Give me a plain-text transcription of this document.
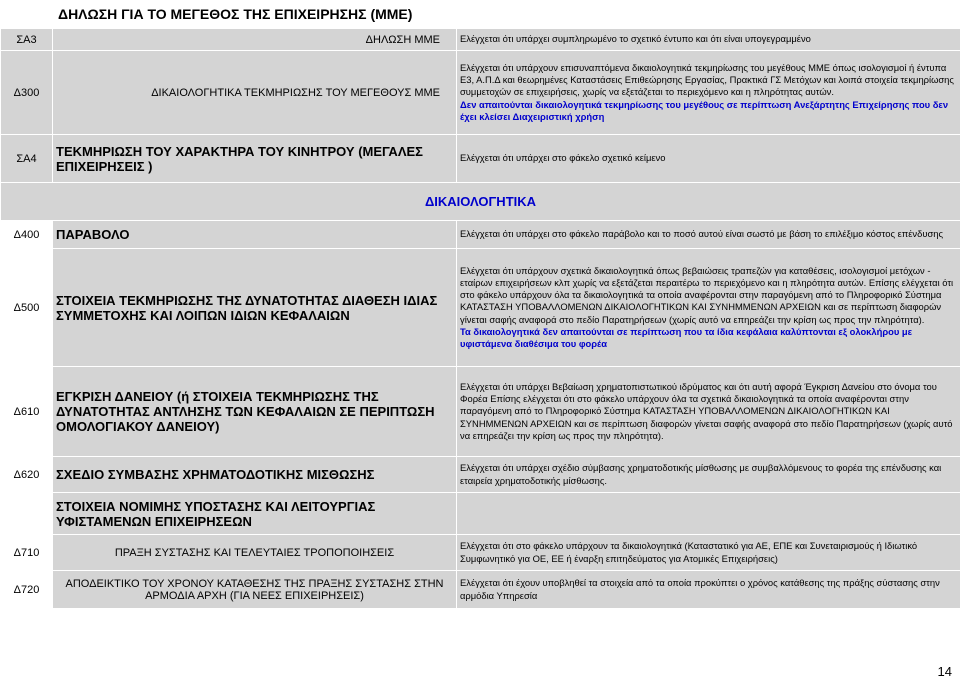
ΔΗΛΩΣΗ ΓΙΑ ΤΟ ΜΕΓΕΘΟΣ ΤΗΣ ΕΠΙΧΕΙΡΗΣΗΣ (ΜΜΕ)
ΣΑ3	ΔΗΛΩΣΗ ΜΜΕ	Ελέγχεται ότι υπάρχει συμπληρωμένο το σχετικό έντυπο και ότι είναι υπογεγραμμένο
Δ300	ΔΙΚΑΙΟΛΟΓΗΤΙΚΑ ΤΕΚΜΗΡΙΩΣΗΣ ΤΟΥ ΜΕΓΕΘΟΥΣ ΜΜΕ	Ελέγχεται ότι υπάρχουν επισυναπτόμενα δικαιολογητικά τεκμηρίωσης του μεγέθους ΜΜΕ όπως ισολογισμοί ή έντυπα Ε3, Α.Π.Δ και θεωρημένες Καταστάσεις Επιθεώρησης Εργασίας, Πρακτικά ΓΣ Μετόχων και λοιπά στοιχεία τεκμηρίωσης συμμετοχών σε επιχειρήσεις, χωρίς να εξετάζεται το περιεχόμενο και η πληρότητας αυτών.
Δεν απαιτούνται δικαιολογητικά τεκμηρίωσης του μεγέθους σε περίπτωση Ανεξάρτητης Επιχείρησης που δεν έχει κλείσει Διαχειριστική χρήση

ΣΑ4	ΤΕΚΜΗΡΙΩΣΗ ΤΟΥ ΧΑΡΑΚΤΗΡΑ ΤΟΥ ΚΙΝΗΤΡΟΥ (ΜΕΓΑΛΕΣ ΕΠΙΧΕΙΡΗΣΕΙΣ )	Ελέγχεται ότι υπάρχει στο φάκελο σχετικό κείμενο
ΔΙΚΑΙΟΛΟΓΗΤΙΚΑ		
Δ400	ΠΑΡΑΒΟΛΟ	Ελέγχεται ότι υπάρχει στο φάκελο παράβολο και το ποσό αυτού είναι σωστό με βάση το επιλέξιμο κόστος επένδυσης
Δ500	ΣΤΟΙΧΕΙΑ ΤΕΚΜΗΡΙΩΣΗΣ ΤΗΣ ΔΥΝΑΤΟΤΗΤΑΣ ΔΙΑΘΕΣΗ ΙΔΙΑΣ ΣΥΜΜΕΤΟΧΗΣ ΚΑΙ ΛΟΙΠΩΝ ΙΔΙΩΝ ΚΕΦΑΛΑΙΩΝ	Ελέγχεται ότι υπάρχουν σχετικά δικαιολογητικά όπως βεβαιώσεις τραπεζών για καταθέσεις, ισολογισμοί μετόχων - εταίρων επιχειρήσεων κλπ χωρίς να εξετάζεται περαιτέρω το περιεχόμενο και η πληρότητα αυτών. Επίσης ελέγχεται ότι στο φάκελο υπάρχουν όλα τα δικαιολογητικά τα οποία αναφέρονται στην παραγόμενη από το Πληροφορικό Σύστημα ΚΑΤΑΣΤΑΣΗ ΥΠΟΒΑΛΛΟΜΕΝΩΝ ΔΙΚΑΙΟΛΟΓΗΤΙΚΩΝ ΚΑΙ ΣΥΝΗΜΜΕΝΩΝ ΑΡΧΕΙΩΝ και σε περίπτωση διαφορών γίνεται σαφής αναφορά στο πεδίο Παρατηρήσεων (χωρίς αυτό να επηρεάζει την κρίση ως προς την πληρότητα).
Τα δικαιολογητικά δεν απαιτούνται σε περίπτωση που τα ίδια κεφάλαια καλύπτονται εξ ολοκλήρου με υφιστάμενα διαθέσιμα του φορέα

Δ610	ΕΓΚΡΙΣΗ ΔΑΝΕΙΟΥ (ή ΣΤΟΙΧΕΙΑ ΤΕΚΜΗΡΙΩΣΗΣ ΤΗΣ ΔΥΝΑΤΟΤΗΤΑΣ ΑΝΤΛΗΣΗΣ ΤΩΝ ΚΕΦΑΛΑΙΩΝ ΣΕ ΠΕΡΙΠΤΩΣΗ ΟΜΟΛΟΓΙΑΚΟΥ ΔΑΝΕΙΟΥ)	Ελέγχεται ότι υπάρχει Βεβαίωση χρηματοπιστωτικού ιδρύματος και ότι αυτή αφορά Έγκριση Δανείου στο όνομα του Φορέα Επίσης ελέγχεται ότι στο φάκελο υπάρχουν όλα τα σχετικά δικαιολογητικά τα οποία αναφέρονται στην παραγόμενη από το Πληροφορικό Σύστημα ΚΑΤΑΣΤΑΣΗ ΥΠΟΒΑΛΛΟΜΕΝΩΝ ΔΙΚΑΙΟΛΟΓΗΤΙΚΩΝ ΚΑΙ ΣΥΝΗΜΜΕΝΩΝ ΑΡΧΕΙΩΝ και σε περίπτωση διαφορών γίνεται σαφής αναφορά στο πεδίο Παρατηρήσεων (χωρίς αυτό να επηρεάζει την κρίση ως προς την πληρότητα).
Δ620	ΣΧΕΔΙΟ ΣΥΜΒΑΣΗΣ ΧΡΗΜΑΤΟΔΟΤΙΚΗΣ ΜΙΣΘΩΣΗΣ	Ελέγχεται ότι υπάρχει σχέδιο σύμβασης χρηματοδοτικής μίσθωσης με συμβαλλόμενους το φορέα της επένδυσης και εταιρεία χρηματοδοτικής μίσθωσης.
	ΣΤΟΙΧΕΙΑ ΝΟΜΙΜΗΣ ΥΠΟΣΤΑΣΗΣ ΚΑΙ ΛΕΙΤΟΥΡΓΙΑΣ ΥΦΙΣΤΑΜΕΝΩΝ ΕΠΙΧΕΙΡΗΣΕΩΝ	
Δ710	ΠΡΑΞΗ ΣΥΣΤΑΣΗΣ ΚΑΙ ΤΕΛΕΥΤΑΙΕΣ ΤΡΟΠΟΠΟΙΗΣΕΙΣ	Ελέγχεται ότι στο φάκελο υπάρχουν τα δικαιολογητικά (Καταστατικό για ΑΕ, ΕΠΕ και Συνεταιρισμούς ή Ιδιωτικό Συμφωνητικό για ΟΕ, ΕΕ ή έναρξη επιτηδεύματος για Ατομικές Επιχειρήσεις)
Δ720	ΑΠΟΔΕΙΚΤΙΚΟ ΤΟΥ ΧΡΟΝΟΥ ΚΑΤΑΘΕΣΗΣ ΤΗΣ ΠΡΑΞΗΣ ΣΥΣΤΑΣΗΣ ΣΤΗΝ ΑΡΜΟΔΙΑ ΑΡΧΗ (ΓΙΑ ΝΕΕΣ ΕΠΙΧΕΙΡΗΣΕΙΣ)	Ελέγχεται ότι έχουν υποβληθεί τα στοιχεία από τα οποία προκύπτει ο χρόνος κατάθεσης της πράξης σύστασης στην αρμόδια Υπηρεσία
14
